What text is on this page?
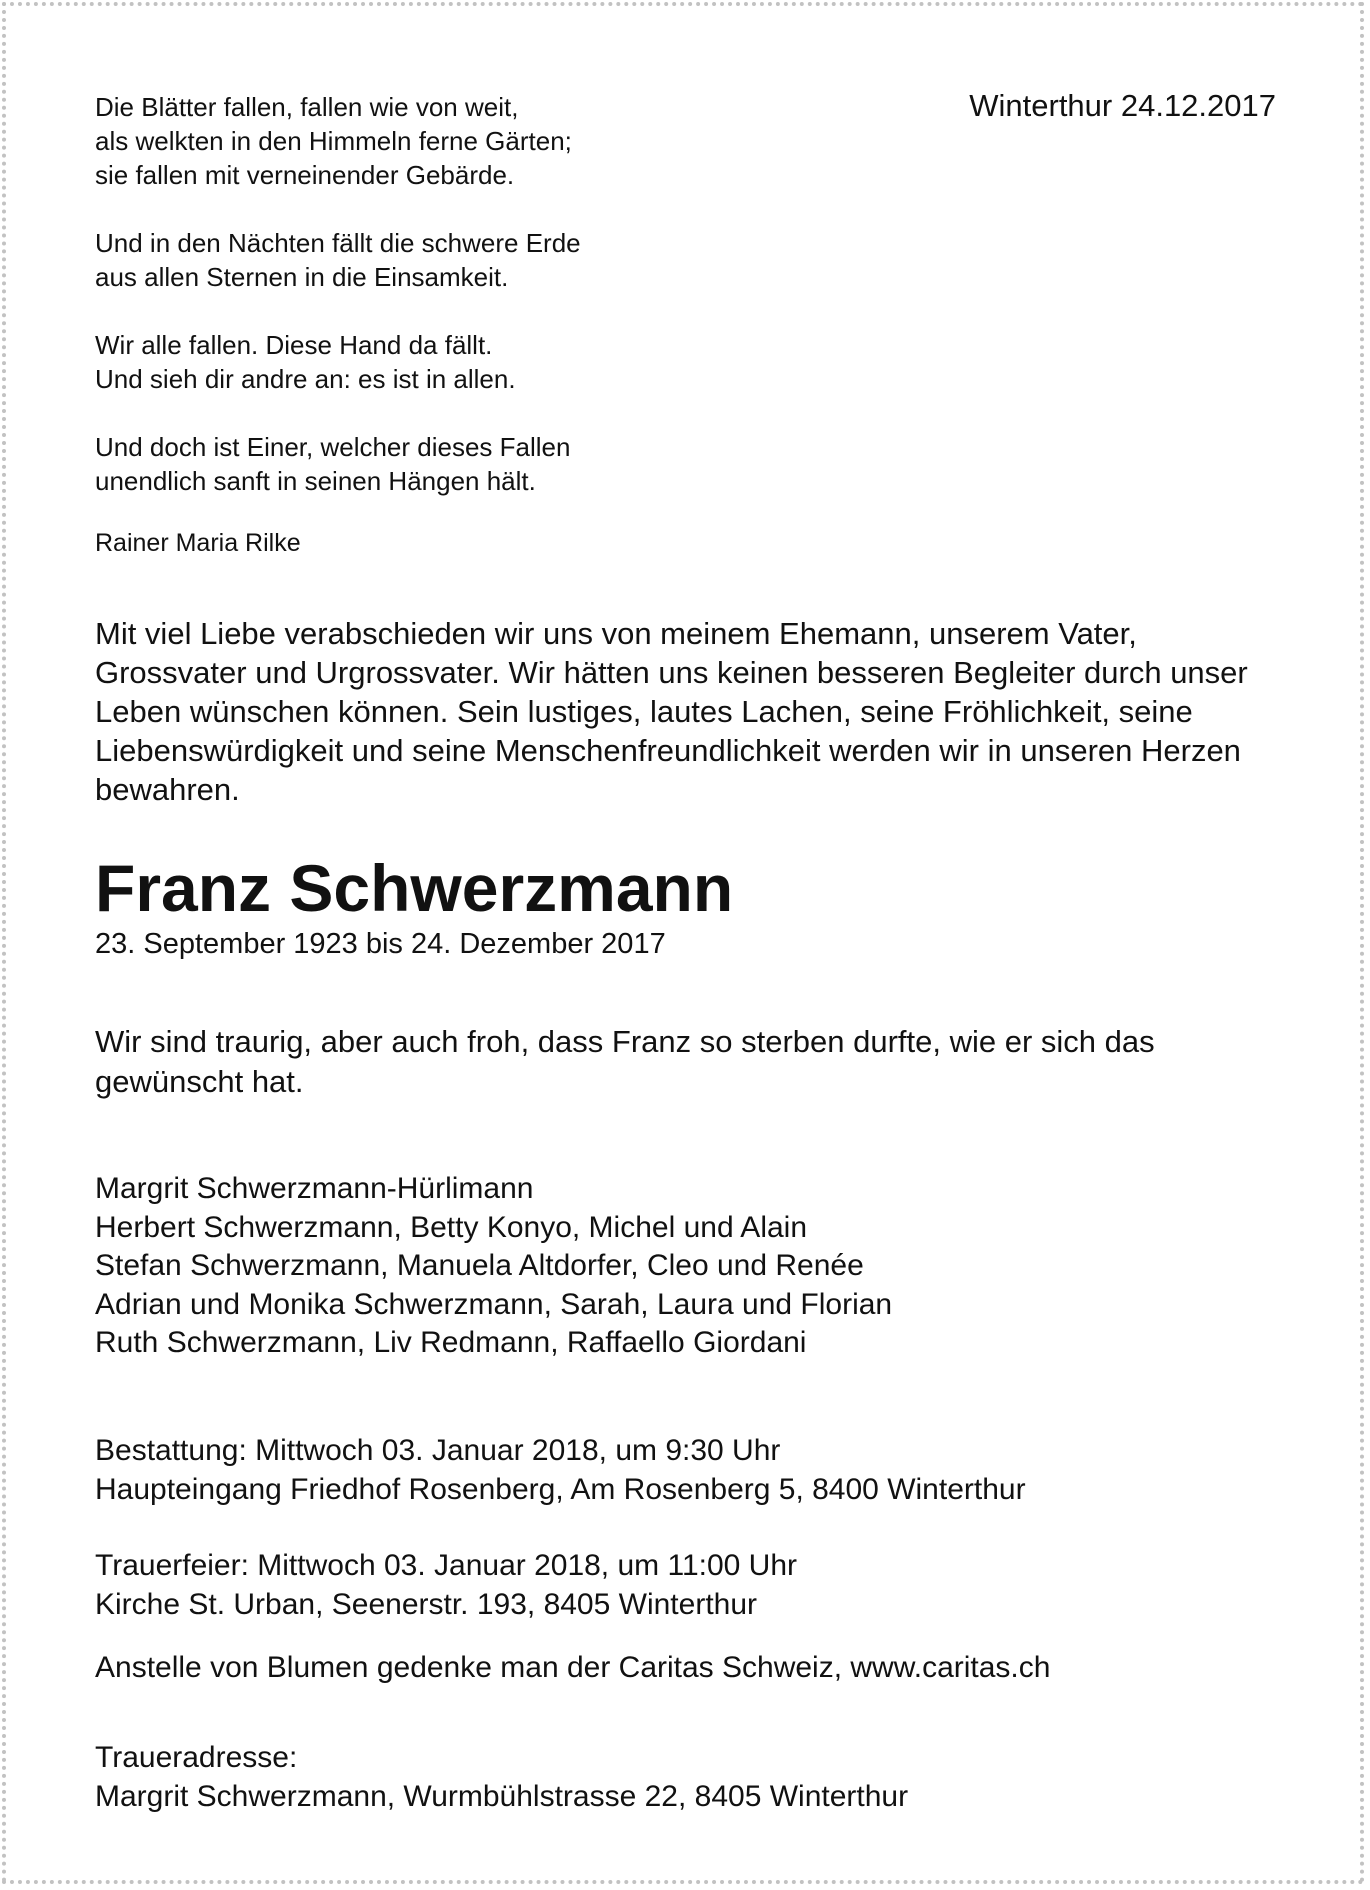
Winterthur 24.12.2017
Die Blätter fallen, fallen wie von weit,
als welkten in den Himmeln ferne Gärten;
sie fallen mit verneinender Gebärde.
Und in den Nächten fällt die schwere Erde
aus allen Sternen in die Einsamkeit.
Wir alle fallen. Diese Hand da fällt.
Und sieh dir andre an: es ist in allen.
Und doch ist Einer, welcher dieses Fallen
unendlich sanft in seinen Hängen hält.
Rainer Maria Rilke
Mit viel Liebe verabschieden wir uns von meinem Ehemann, unserem Vater, Grossvater und Urgrossvater. Wir hätten uns keinen besseren Begleiter durch unser Leben wünschen können. Sein lustiges, lautes Lachen, seine Fröhlichkeit, seine Liebenswürdigkeit und seine Menschenfreundlichkeit werden wir in unseren Herzen bewahren.
Franz Schwerzmann
23. September 1923 bis 24. Dezember 2017
Wir sind traurig, aber auch froh, dass Franz so sterben durfte, wie er sich das gewünscht hat.
Margrit Schwerzmann-Hürlimann
Herbert Schwerzmann, Betty Konyo, Michel und Alain
Stefan Schwerzmann, Manuela Altdorfer, Cleo und Renée
Adrian und Monika Schwerzmann, Sarah, Laura und Florian
Ruth Schwerzmann, Liv Redmann, Raffaello Giordani
Bestattung: Mittwoch 03. Januar 2018, um 9:30 Uhr
Haupteingang Friedhof Rosenberg, Am Rosenberg 5, 8400 Winterthur
Trauerfeier: Mittwoch 03. Januar 2018, um 11:00 Uhr
Kirche St. Urban, Seenerstr. 193, 8405 Winterthur
Anstelle von Blumen gedenke man der Caritas Schweiz, www.caritas.ch
Traueradresse:
Margrit Schwerzmann, Wurmbühlstrasse 22, 8405 Winterthur
